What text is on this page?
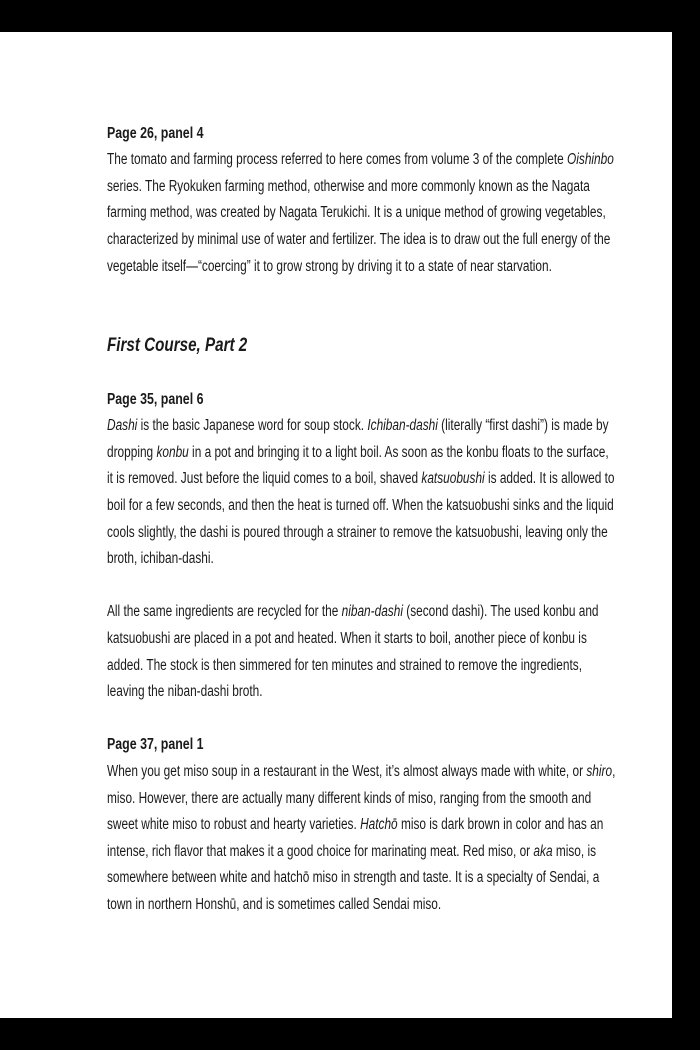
Page 26, panel 4
The tomato and farming process referred to here comes from volume 3 of the complete Oishinbo
series. The Ryokuken farming method, otherwise and more commonly known as the Nagata
farming method, was created by Nagata Terukichi. It is a unique method of growing vegetables,
characterized by minimal use of water and fertilizer. The idea is to draw out the full energy of the
vegetable itself—“coercing” it to grow strong by driving it to a state of near starvation.
First Course, Part 2
Page 35, panel 6
Dashi is the basic Japanese word for soup stock. Ichiban-dashi (literally “first dashi”) is made by
dropping konbu in a pot and bringing it to a light boil. As soon as the konbu floats to the surface,
it is removed. Just before the liquid comes to a boil, shaved katsuobushi is added. It is allowed to
boil for a few seconds, and then the heat is turned off. When the katsuobushi sinks and the liquid
cools slightly, the dashi is poured through a strainer to remove the katsuobushi, leaving only the
broth, ichiban-dashi.
All the same ingredients are recycled for the niban-dashi (second dashi). The used konbu and
katsuobushi are placed in a pot and heated. When it starts to boil, another piece of konbu is
added. The stock is then simmered for ten minutes and strained to remove the ingredients,
leaving the niban-dashi broth.
Page 37, panel 1
When you get miso soup in a restaurant in the West, it’s almost always made with white, or shiro,
miso. However, there are actually many different kinds of miso, ranging from the smooth and
sweet white miso to robust and hearty varieties. Hatchō miso is dark brown in color and has an
intense, rich flavor that makes it a good choice for marinating meat. Red miso, or aka miso, is
somewhere between white and hatchō miso in strength and taste. It is a specialty of Sendai, a
town in northern Honshū, and is sometimes called Sendai miso.
